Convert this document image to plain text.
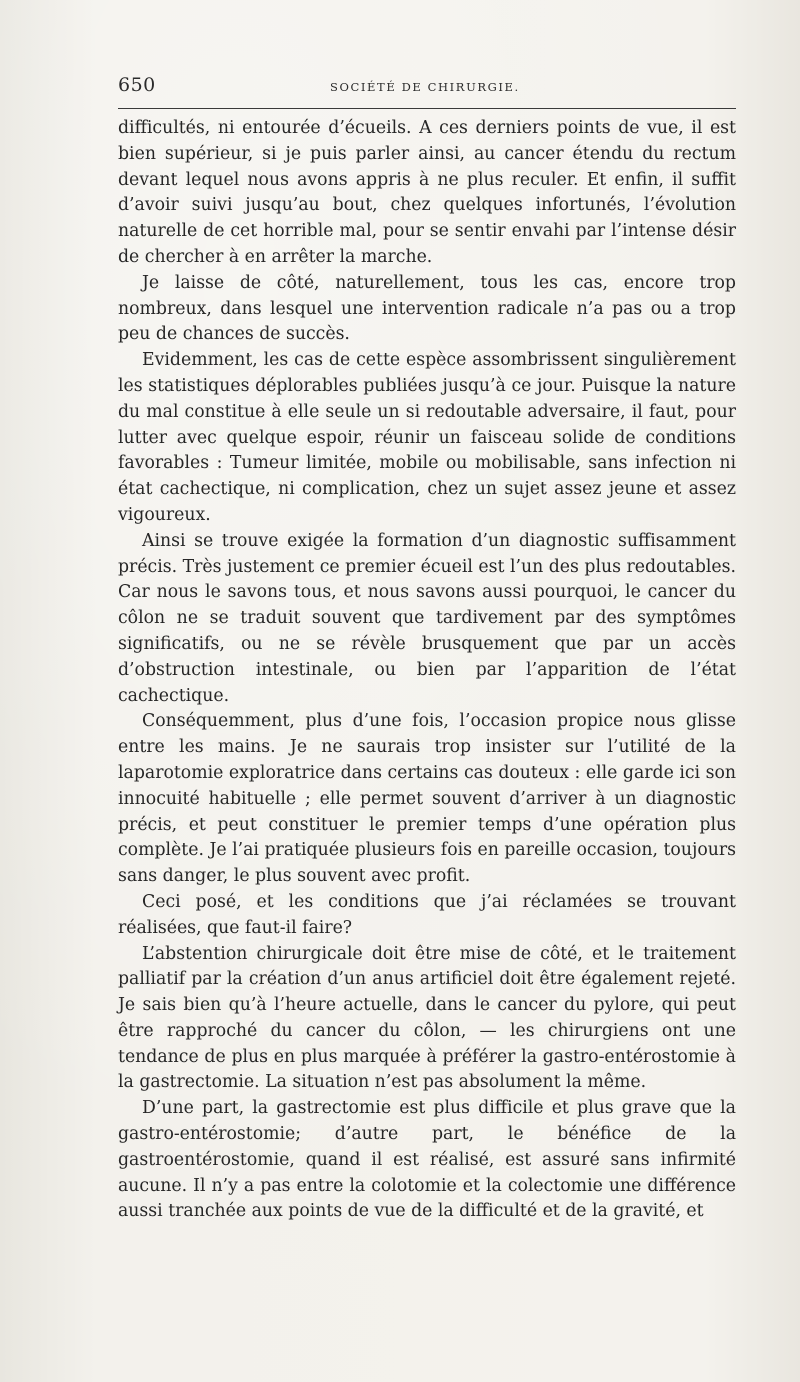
650	SOCIÉTÉ DE CHIRURGIE.

difficultés, ni entourée d’écueils. A ces derniers points de vue, il est bien supérieur, si je puis parler ainsi, au cancer étendu du rectum devant lequel nous avons appris à ne plus reculer. Et enfin, il suffit d’avoir suivi jusqu’au bout, chez quelques infortunés, l’évolution naturelle de cet horrible mal, pour se sentir envahi par l’intense désir de chercher à en arrêter la marche.

Je laisse de côté, naturellement, tous les cas, encore trop nombreux, dans lesquel une intervention radicale n’a pas ou a trop peu de chances de succès.

Evidemment, les cas de cette espèce assombrissent singulièrement les statistiques déplorables publiées jusqu’à ce jour. Puisque la nature du mal constitue à elle seule un si redoutable adversaire, il faut, pour lutter avec quelque espoir, réunir un faisceau solide de conditions favorables : Tumeur limitée, mobile ou mobilisable, sans infection ni état cachectique, ni complication, chez un sujet assez jeune et assez vigoureux.

Ainsi se trouve exigée la formation d’un diagnostic suffisamment précis. Très justement ce premier écueil est l’un des plus redoutables. Car nous le savons tous, et nous savons aussi pourquoi, le cancer du côlon ne se traduit souvent que tardivement par des symptômes significatifs, ou ne se révèle brusquement que par un accès d’obstruction intestinale, ou bien par l’apparition de l’état cachectique.

Conséquemment, plus d’une fois, l’occasion propice nous glisse entre les mains. Je ne saurais trop insister sur l’utilité de la laparotomie exploratrice dans certains cas douteux : elle garde ici son innocuité habituelle ; elle permet souvent d’arriver à un diagnostic précis, et peut constituer le premier temps d’une opération plus complète. Je l’ai pratiquée plusieurs fois en pareille occasion, toujours sans danger, le plus souvent avec profit.

Ceci posé, et les conditions que j’ai réclamées se trouvant réalisées, que faut-il faire?

L’abstention chirurgicale doit être mise de côté, et le traitement palliatif par la création d’un anus artificiel doit être également rejeté. Je sais bien qu’à l’heure actuelle, dans le cancer du pylore, qui peut être rapproché du cancer du côlon, — les chirurgiens ont une tendance de plus en plus marquée à préférer la gastro-entérostomie à la gastrectomie. La situation n’est pas absolument la même.

D’une part, la gastrectomie est plus difficile et plus grave que la gastro-entérostomie; d’autre part, le bénéfice de la gastroentérostomie, quand il est réalisé, est assuré sans infirmité aucune. Il n’y a pas entre la colotomie et la colectomie une différence aussi tranchée aux points de vue de la difficulté et de la gravité, et
